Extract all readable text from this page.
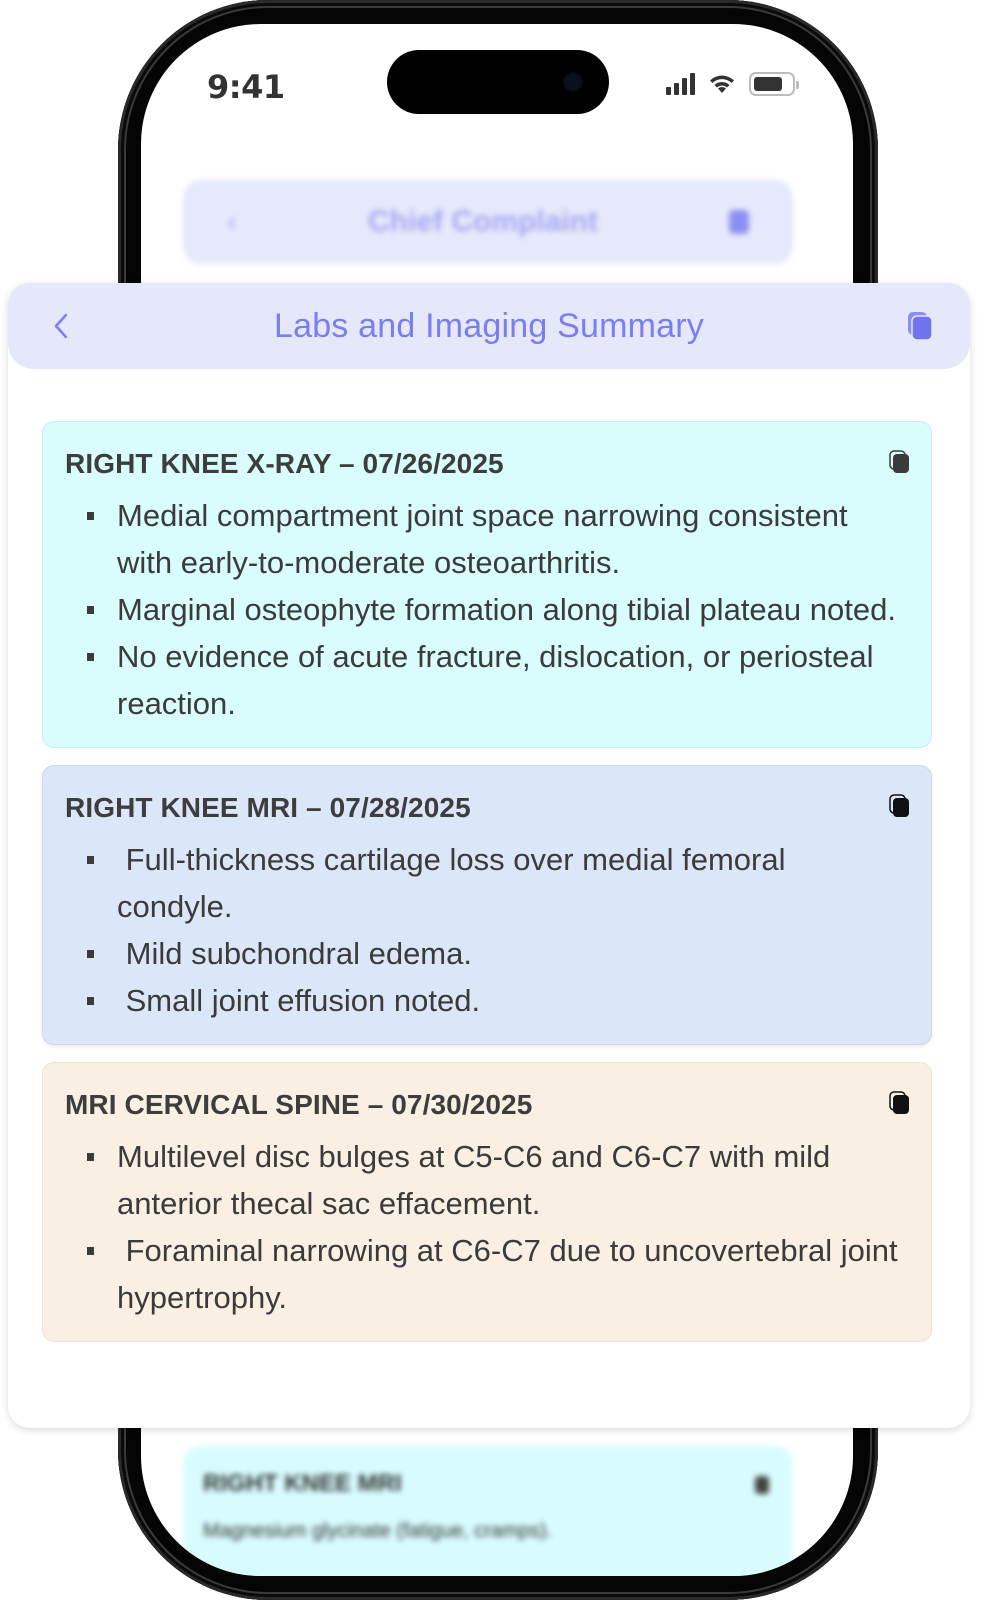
9:41
‹	Chief Complaint
RIGHT KNEE MRI
Magnesium glycinate (fatigue, cramps).
Labs and Imaging Summary
RIGHT KNEE X-RAY – 07/26/2025
Medial compartment joint space narrowing consistent with early-to-moderate osteoarthritis.
Marginal osteophyte formation along tibial plateau noted.
No evidence of acute fracture, dislocation, or periosteal reaction.
RIGHT KNEE MRI – 07/28/2025
Full-thickness cartilage loss over medial femoral condyle.
Mild subchondral edema.
Small joint effusion noted.
MRI CERVICAL SPINE – 07/30/2025
Multilevel disc bulges at C5-C6 and C6-C7 with mild anterior thecal sac effacement.
Foraminal narrowing at C6-C7 due to uncovertebral joint hypertrophy.
